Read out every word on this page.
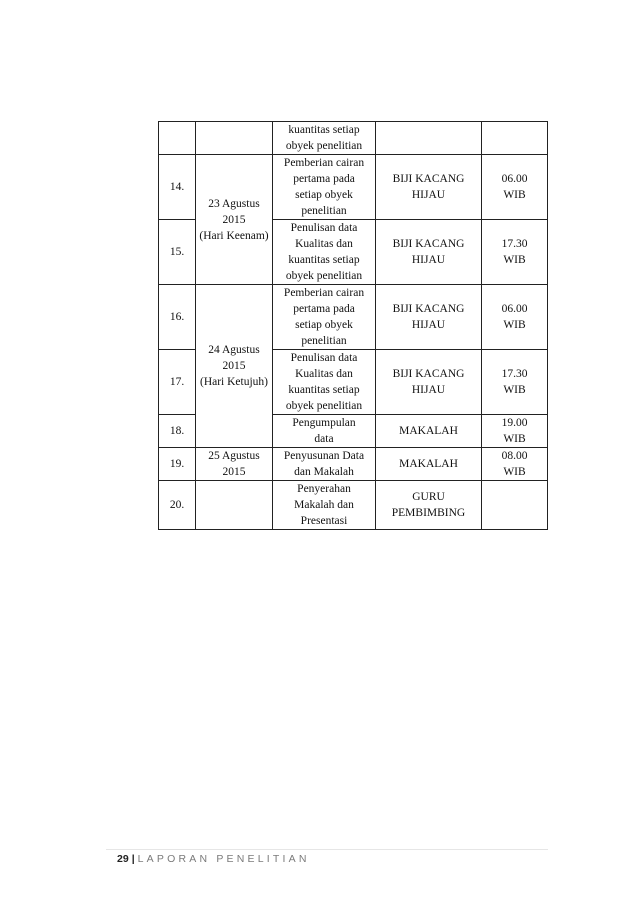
		kuantitas setiap
obyek penelitian		

14.	23 Agustus
2015
(Hari Keenam)	Pemberian cairan
pertama pada
setiap obyek
penelitian	BIJI KACANG
HIJAU	06.00
WIB

15.		Penulisan data
Kualitas dan
kuantitas setiap
obyek penelitian	BIJI KACANG
HIJAU	17.30
WIB

16.	24 Agustus
2015
(Hari Ketujuh)	Pemberian cairan
pertama pada
setiap obyek
penelitian	BIJI KACANG
HIJAU	06.00
WIB

17.		Penulisan data
Kualitas dan
kuantitas setiap
obyek penelitian	BIJI KACANG
HIJAU	17.30
WIB

18.		Pengumpulan
data	MAKALAH	19.00
WIB

19.	25 Agustus
2015	Penyusunan Data
dan Makalah	MAKALAH	08.00
WIB

20.		Penyerahan
Makalah dan
Presentasi	GURU
PEMBIMBING	

29 | LAPORAN PENELITIAN
